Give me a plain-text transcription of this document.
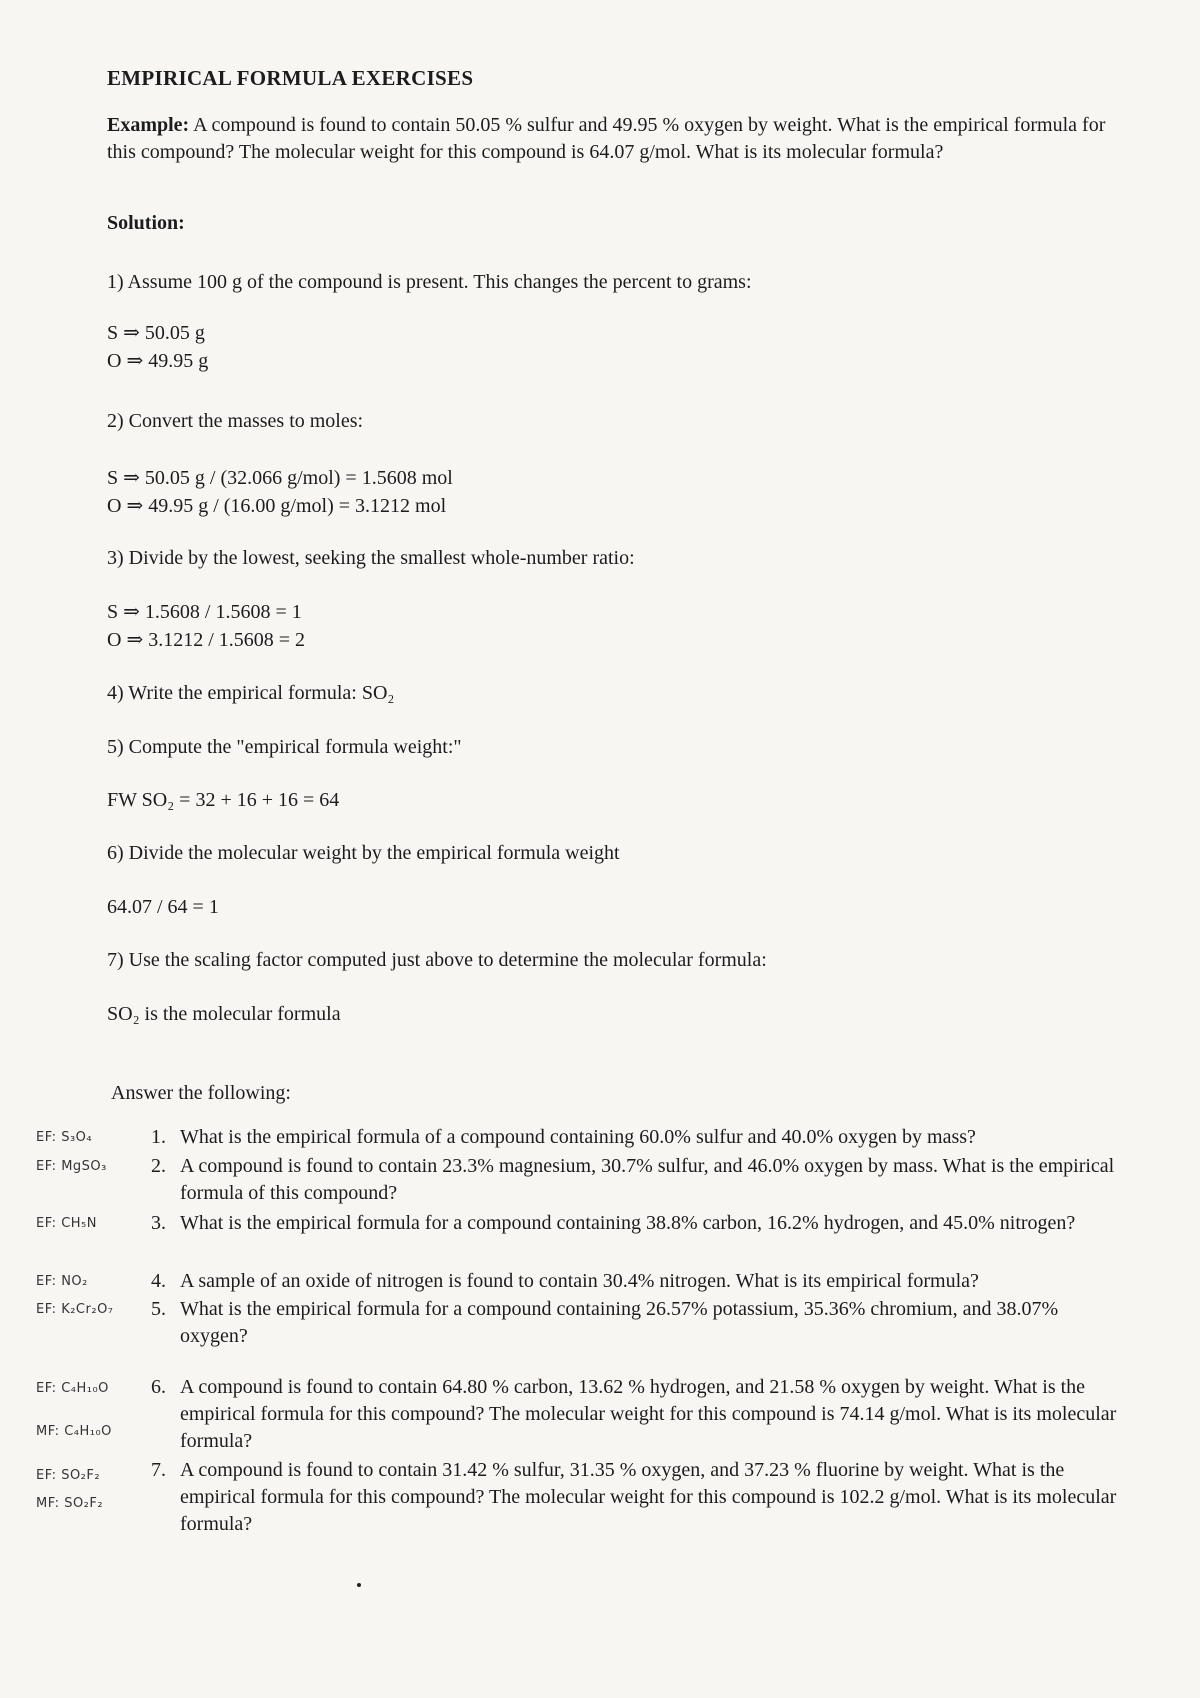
EMPIRICAL FORMULA EXERCISES
Example: A compound is found to contain 50.05 % sulfur and 49.95 % oxygen by weight. What is the empirical formula for this compound? The molecular weight for this compound is 64.07 g/mol. What is its molecular formula?
Solution:
1) Assume 100 g of the compound is present. This changes the percent to grams:
S ⇒ 50.05 g
O ⇒ 49.95 g
2) Convert the masses to moles:
S ⇒ 50.05 g / (32.066 g/mol) = 1.5608 mol
O ⇒ 49.95 g / (16.00 g/mol) = 3.1212 mol
3) Divide by the lowest, seeking the smallest whole-number ratio:
S ⇒ 1.5608 / 1.5608 = 1
O ⇒ 3.1212 / 1.5608 = 2
4) Write the empirical formula: SO₂
5) Compute the "empirical formula weight:"
FW SO₂ = 32 + 16 + 16 = 64
6) Divide the molecular weight by the empirical formula weight
64.07 / 64 = 1
7) Use the scaling factor computed just above to determine the molecular formula:
SO₂ is the molecular formula
Answer the following:
1. What is the empirical formula of a compound containing 60.0% sulfur and 40.0% oxygen by mass?
2. A compound is found to contain 23.3% magnesium, 30.7% sulfur, and 46.0% oxygen by mass. What is the empirical formula of this compound?
3. What is the empirical formula for a compound containing 38.8% carbon, 16.2% hydrogen, and 45.0% nitrogen?
4. A sample of an oxide of nitrogen is found to contain 30.4% nitrogen. What is its empirical formula?
5. What is the empirical formula for a compound containing 26.57% potassium, 35.36% chromium, and 38.07% oxygen?
6. A compound is found to contain 64.80 % carbon, 13.62 % hydrogen, and 21.58 % oxygen by weight. What is the empirical formula for this compound? The molecular weight for this compound is 74.14 g/mol. What is its molecular formula?
7. A compound is found to contain 31.42 % sulfur, 31.35 % oxygen, and 37.23 % fluorine by weight. What is the empirical formula for this compound? The molecular weight for this compound is 102.2 g/mol. What is its molecular formula?
EF: S₃O₄
EF: MgSO₃
EF: CH₅N
EF: NO₂
EF: K₂Cr₂O₇
EF: C₄H₁₀O
MF: C₄H₁₀O
EF: SO₂F₂
MF: SO₂F₂
